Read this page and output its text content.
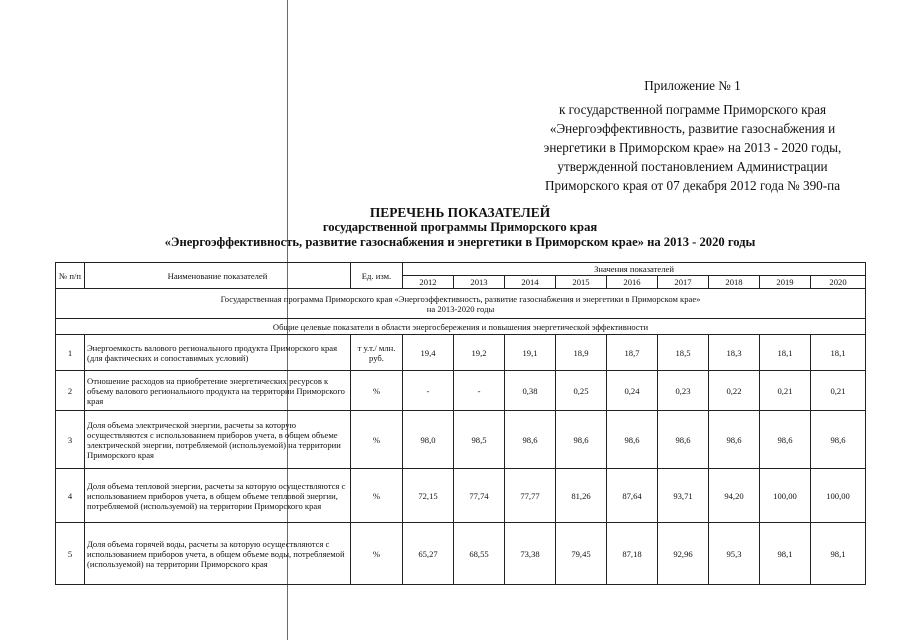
Приложение № 1
к государственной пограмме Приморского края
«Энергоэффективность, развитие газоснабжения и
энергетики в Приморском крае» на 2013 - 2020 годы,
утвержденной постановлением Администрации
Приморского края от 07 декабря 2012 года № 390-па
ПЕРЕЧЕНЬ ПОКАЗАТЕЛЕЙ
государственной программы Приморского края
«Энергоэффективность, развитие газоснабжения и энергетики в Приморском крае» на 2013 - 2020 годы
№ п/п	Наименование показателей	Ед. изм.	Значения показателей								
			2012	2013	2014	2015	2016	2017	2018	2019	2020

Государственная программа Приморского края «Энергоэффективность, развитие газоснабжения и энергетики в Приморском крае»
на 2013-2020 годы											

Общие целевые показатели в области энергосбережения и повышения энергетической эффективности											
1	Энергоемкость валового регионального продукта Приморского края (для фактических и сопоставимых условий)	т у.т./ млн. руб.	19,4	19,2	19,1	18,9	18,7	18,5	18,3	18,1	18,1
2	Отношение расходов на приобретение энергетических ресурсов к объему валового регионального продукта на территории Приморского края	%	-	-	0,38	0,25	0,24	0,23	0,22	0,21	0,21
3	Доля объема электрической энергии, расчеты за которую осуществляются с использованием приборов учета, в общем объеме электрической энергии, потребляемой (используемой) на территории Приморского края	%	98,0	98,5	98,6	98,6	98,6	98,6	98,6	98,6	98,6
4	Доля объема тепловой энергии, расчеты за которую осуществляются с использованием приборов учета, в общем объеме тепловой энергии, потребляемой (используемой) на территории Приморского края	%	72,15	77,74	77,77	81,26	87,64	93,71	94,20	100,00	100,00
5	Доля объема горячей воды, расчеты за которую осуществляются с использованием приборов учета, в общем объеме воды, потребляемой (используемой) на территории Приморского края	%	65,27	68,55	73,38	79,45	87,18	92,96	95,3	98,1	98,1
